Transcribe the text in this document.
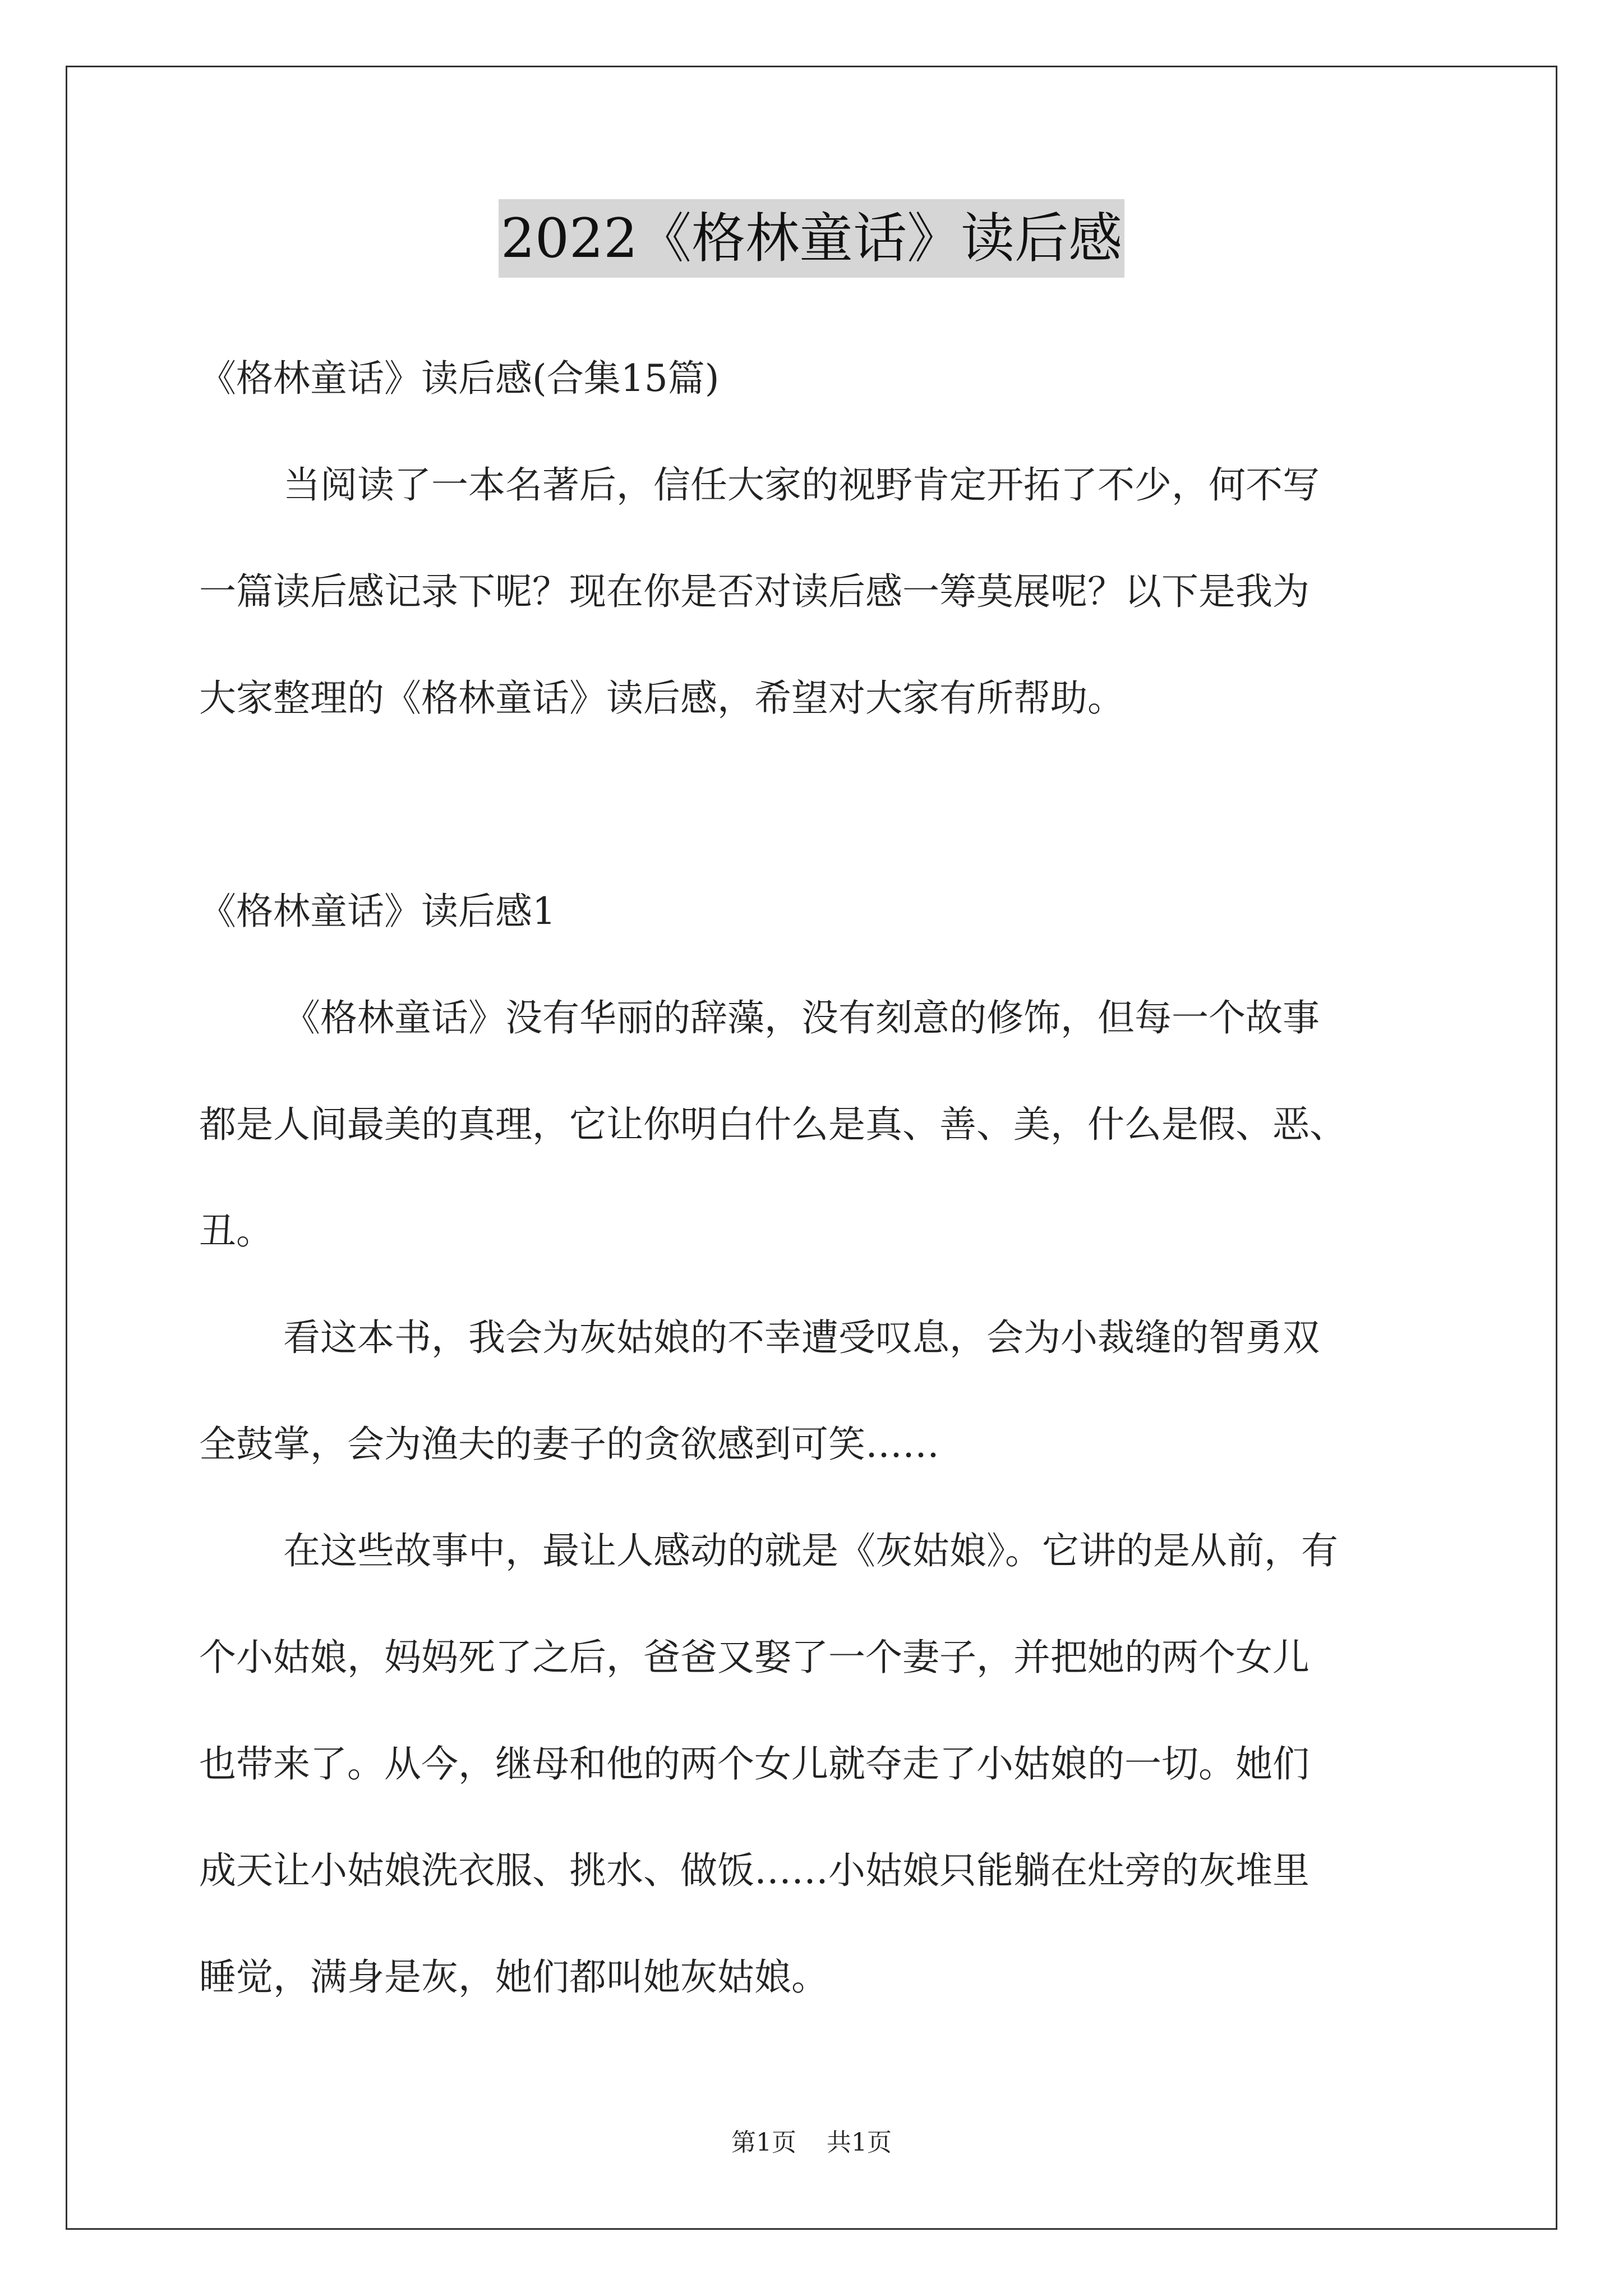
2022《格林童话》读后感
《格林童话》读后感(合集15篇)
当阅读了一本名著后，信任大家的视野肯定开拓了不少，何不写
一篇读后感记录下呢？现在你是否对读后感一筹莫展呢？以下是我为
大家整理的《格林童话》读后感，希望对大家有所帮助。
《格林童话》读后感1
《格林童话》没有华丽的辞藻，没有刻意的修饰，但每一个故事
都是人间最美的真理，它让你明白什么是真、善、美，什么是假、恶、
丑。
看这本书，我会为灰姑娘的不幸遭受叹息，会为小裁缝的智勇双
全鼓掌，会为渔夫的妻子的贪欲感到可笑……
在这些故事中，最让人感动的就是《灰姑娘》。它讲的是从前，有
个小姑娘，妈妈死了之后，爸爸又娶了一个妻子，并把她的两个女儿
也带来了。从今，继母和他的两个女儿就夺走了小姑娘的一切。她们
成天让小姑娘洗衣服、挑水、做饭……小姑娘只能躺在灶旁的灰堆里
睡觉，满身是灰，她们都叫她灰姑娘。
第1页 共1页
